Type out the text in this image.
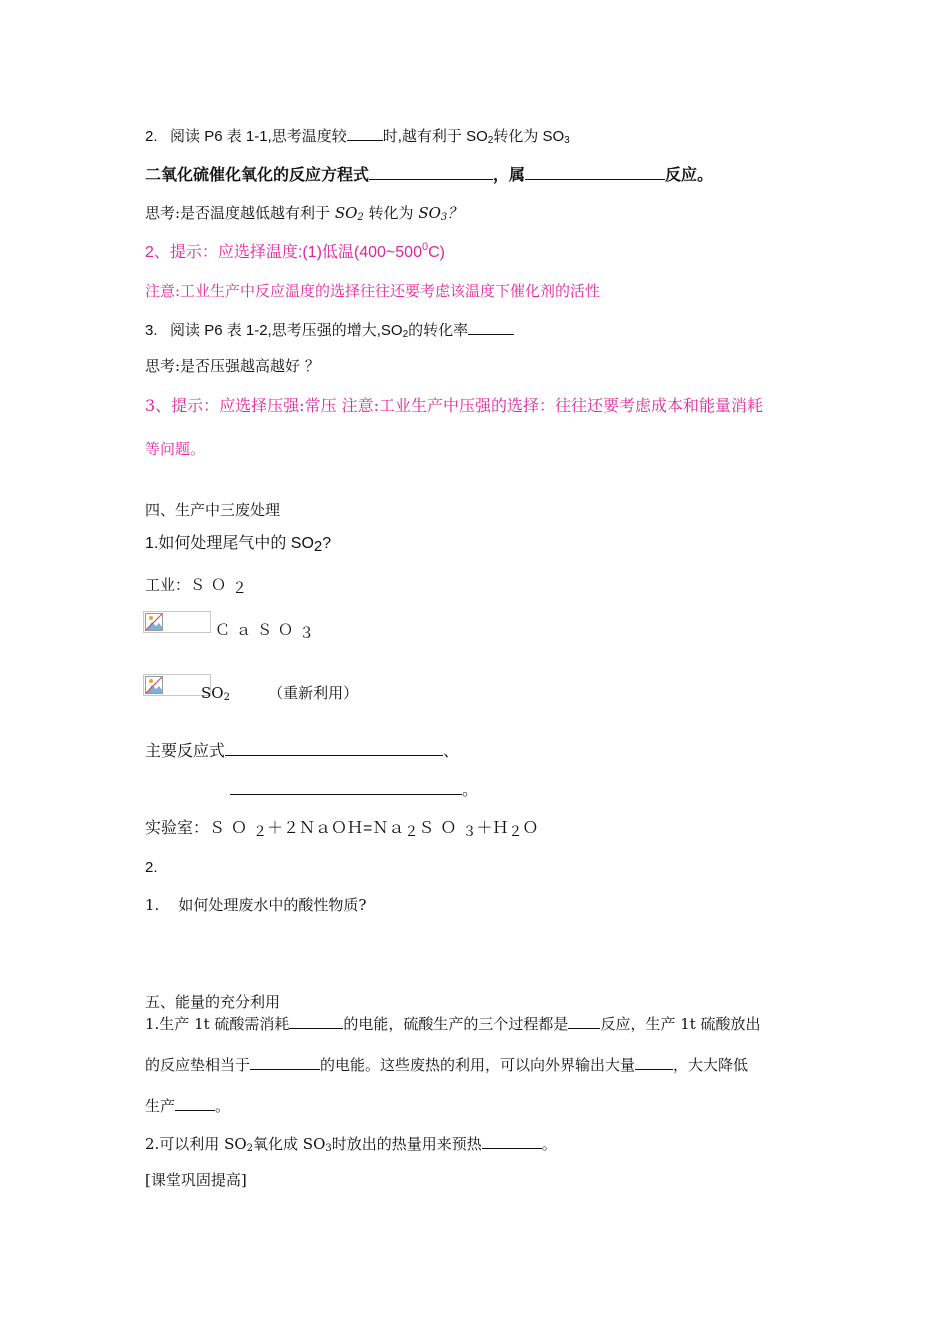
2. 阅读 P6 表 1-1,思考温度较 时,越有利于 $SO_2$转化为 $SO_3$
二氧化硫催化氧化的反应方程式	，属	反应。
思考:是否温度越低越有利于 $SO_2$ 转化为 $SO_3$？
2、提示：应选择温度:(1)低温$(400\sim 500^0C)$
注意:工业生产中反应温度的选择往往还要考虑该温度下催化剂的活性
3. 阅读 P6 表 1-2,思考压强的增大$,SO_2$的转化率
思考:是否压强越高越好 ？
3、提示：应选择压强:常压 注意:工业生产中压强的选择：往往还要考虑成本和能量消耗
等问题。
四、生产中三废处理
1.如何处理尾气中的 SO2?
工业：ＳＯ２
ＣａＳＯ３
$SO_2$	（重新利用）
主要反应式	、
。
实验室：ＳＯ２＋２ＮａＯＨ=Ｎａ２ＳＯ３＋Ｈ２Ｏ
2.
1. 如何处理废水中的酸性物质?
五、能量的充分利用
1.生产 1t 硫酸需消耗	的电能，硫酸生产的三个过程都是 反应，生产 1t 硫酸放出
的反应垫相当于	的电能。这些废热的利用，可以向外界输出大量	，大大降低
生产	。
2.可以利用 $SO_2$氧化成 $SO_3$时放出的热量用来预热	。
[课堂巩固提高]
